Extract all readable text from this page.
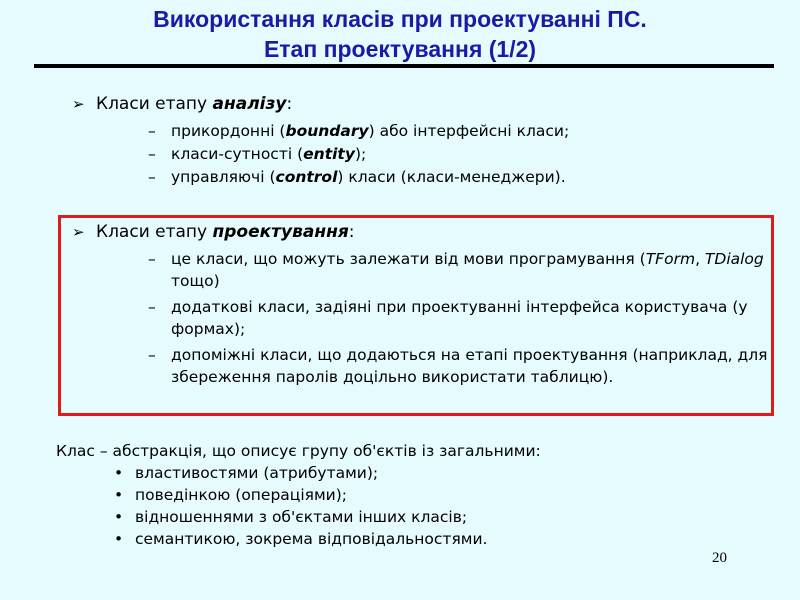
Використання класів при проектуванні ПС.
Етап проектування (1/2)
➢ Класи етапу аналізу:
– прикордонні (boundary) або інтерфейсні класи;
– класи-сутності (entity);
– управляючі (control) класи (класи-менеджери).
➢ Класи етапу проектування:
– це класи, що можуть залежати від мови програмування (TForm, TDialog тощо)
– додаткові класи, задіяні при проектуванні інтерфейса користувача (у формах);
– допоміжні класи, що додаються на етапі проектування (наприклад, для збереження паролів доцільно використати таблицю).
Клас – абстракція, що описує групу об'єктів із загальними:
• властивостями (атрибутами);
• поведінкою (операціями);
• відношеннями з об'єктами інших класів;
• семантикою, зокрема відповідальностями.
20
